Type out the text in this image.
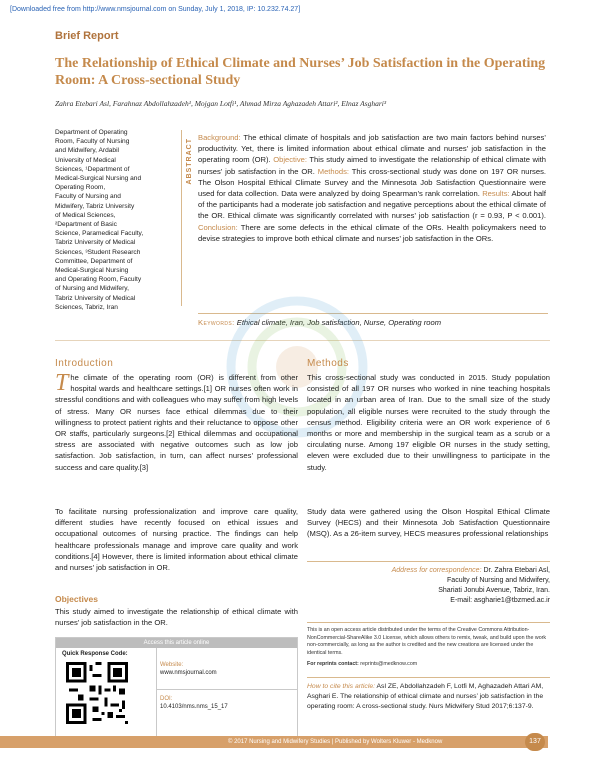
[Downloaded free from http://www.nmsjournal.com on Sunday, July 1, 2018, IP: 10.232.74.27]
Brief Report
The Relationship of Ethical Climate and Nurses’ Job Satisfaction in the Operating Room: A Cross-sectional Study
Zahra Etebari Asl, Farahnaz Abdollahzadeh¹, Mojgan Lotfi¹, Ahmad Mirza Aghazadeh Attari², Elnaz Asghari³
Department of Operating
Room, Faculty of Nursing
and Midwifery, Ardabil
University of Medical
Sciences, ¹Department of
Medical-Surgical Nursing and
Operating Room,
Faculty of Nursing and
Midwifery, Tabriz University
of Medical Sciences,
²Department of Basic
Science, Paramedical Faculty,
Tabriz University of Medical
Sciences, ³Student Research
Committee, Department of
Medical-Surgical Nursing
and Operating Room, Faculty
of Nursing and Midwifery,
Tabriz University of Medical
Sciences, Tabriz, Iran
ABSTRACT
Background: The ethical climate of hospitals and job satisfaction are two main factors behind nurses’ productivity. Yet, there is limited information about ethical climate and nurses’ job satisfaction in the operating room (OR). Objective: This study aimed to investigate the relationship of ethical climate with nurses’ job satisfaction in the OR. Methods: This cross-sectional study was done on 197 OR nurses. The Olson Hospital Ethical Climate Survey and the Minnesota Job Satisfaction Questionnaire were used for data collection. Data were analyzed by doing Spearman’s rank correlation. Results: About half of the participants had a moderate job satisfaction and negative perceptions about the ethical climate of the OR. Ethical climate was significantly correlated with nurses’ job satisfaction (r = 0.93, P < 0.001). Conclusion: There are some defects in the ethical climate of the ORs. Health policymakers need to devise strategies to improve both ethical climate and nurses’ job satisfaction in the ORs.
Keywords: Ethical climate, Iran, Job satisfaction, Nurse, Operating room
Introduction
The climate of the operating room (OR) is different from other hospital wards and healthcare settings.[1] OR nurses often work in stressful conditions and with colleagues who may suffer from high levels of stress. Many OR nurses face ethical dilemmas due to their willingness to protect patient rights and their reluctance to oppose other OR staffs, particularly surgeons.[2] Ethical dilemmas and occupational stress are associated with negative outcomes such as low job satisfaction. Job satisfaction, in turn, can affect nurses’ professional success and care quality.[3]
To facilitate nursing professionalization and improve care quality, different studies have recently focused on ethical issues and occupational outcomes of nursing practice. The findings can help healthcare professionals manage and improve care quality and work conditions.[4] However, there is limited information about ethical climate and nurses’ job satisfaction in OR.
Objectives
This study aimed to investigate the relationship of ethical climate with nurses’ job satisfaction in the OR.
Methods
This cross-sectional study was conducted in 2015. Study population consisted of all 197 OR nurses who worked in nine teaching hospitals located in an urban area of Iran. Due to the small size of the study population, all eligible nurses were recruited to the study through the census method. Eligibility criteria were an OR work experience of 6 months or more and membership in the surgical team as a scrub or a circulating nurse. Among 197 eligible OR nurses in the study setting, eleven were excluded due to their unwillingness to participate in the study.
Study data were gathered using the Olson Hospital Ethical Climate Survey (HECS) and their Minnesota Job Satisfaction Questionnaire (MSQ). As a 26-item survey, HECS measures professional relationships
Access this article online
Quick Response Code:
Website:
www.nmsjournal.com
DOI:
10.4103/nms.nms_15_17
Address for correspondence: Dr. Zahra Etebari Asl,
Faculty of Nursing and Midwifery,
Shariati Jonubi Avenue, Tabriz, Iran.
E-mail: asgharie1@tbzmed.ac.ir
This is an open access article distributed under the terms of the Creative Commons Attribution-NonCommercial-ShareAlike 3.0 License, which allows others to remix, tweak, and build upon the work non-commercially, as long as the author is credited and the new creations are licensed under the identical terms.
For reprints contact: reprints@medknow.com
How to cite this article: Asl ZE, Abdollahzadeh F, Lotfi M, Aghazadeh Attari AM, Asghari E. The relationship of ethical climate and nurses’ job satisfaction in the operating room: A cross-sectional study. Nurs Midwifery Stud 2017;6:137-9.
© 2017 Nursing and Midwifery Studies | Published by Wolters Kluwer - Medknow	137
